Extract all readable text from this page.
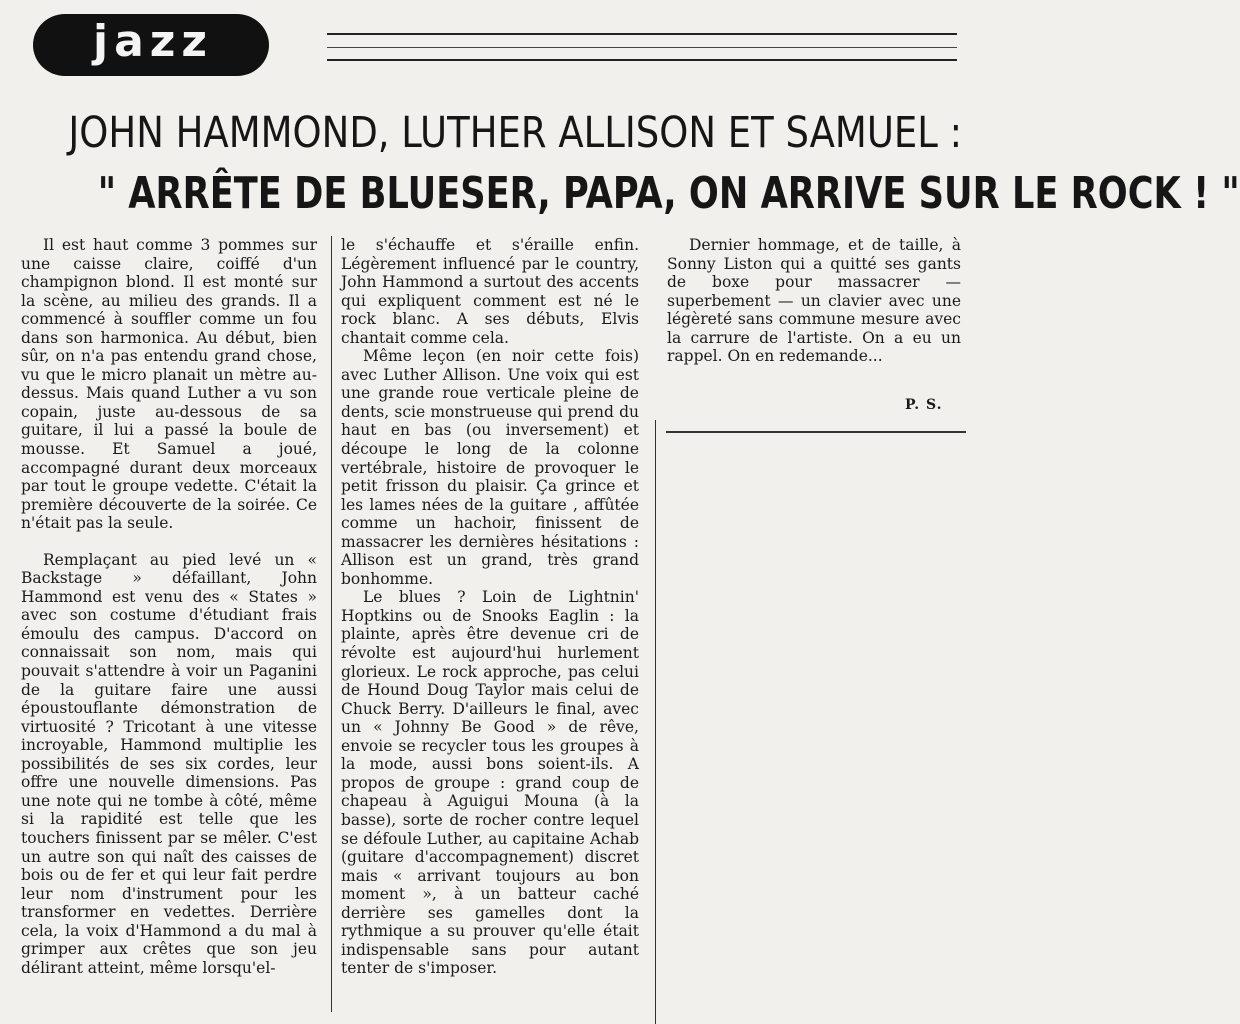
jazz
JOHN HAMMOND, LUTHER ALLISON ET SAMUEL :
" ARRÊTE DE BLUESER, PAPA, ON ARRIVE SUR LE ROCK ! "

Il est haut comme 3 pommes sur une caisse claire, coiffé d'un champignon blond. Il est monté sur la scène, au milieu des grands. Il a commencé à souffler comme un fou dans son harmonica. Au début, bien sûr, on n'a pas entendu grand chose, vu que le micro planait un mètre au-dessus. Mais quand Luther a vu son copain, juste au-dessous de sa guitare, il lui a passé la boule de mousse. Et Samuel a joué, accompagné durant deux morceaux par tout le groupe vedette. C'était la première découverte de la soirée. Ce n'était pas la seule.

Remplaçant au pied levé un « Backstage » défaillant, John Hammond est venu des « States » avec son costume d'étudiant frais émoulu des campus. D'accord on connaissait son nom, mais qui pouvait s'attendre à voir un Paganini de la guitare faire une aussi époustouflante démonstration de virtuosité ? Tricotant à une vitesse incroyable, Hammond multiplie les possibilités de ses six cordes, leur offre une nouvelle dimensions. Pas une note qui ne tombe à côté, même si la rapidité est telle que les touchers finissent par se mêler. C'est un autre son qui naît des caisses de bois ou de fer et qui leur fait perdre leur nom d'instrument pour les transformer en vedettes. Derrière cela, la voix d'Hammond a du mal à grimper aux crêtes que son jeu délirant atteint, même lorsqu'el-

le s'échauffe et s'éraille enfin. Légèrement influencé par le country, John Hammond a surtout des accents qui expliquent comment est né le rock blanc. A ses débuts, Elvis chantait comme cela.

Même leçon (en noir cette fois) avec Luther Allison. Une voix qui est une grande roue verticale pleine de dents, scie monstrueuse qui prend du haut en bas (ou inversement) et découpe le long de la colonne vertébrale, histoire de provoquer le petit frisson du plaisir. Ça grince et les lames nées de la guitare , affûtée comme un hachoir, finissent de massacrer les dernières hésitations : Allison est un grand, très grand bonhomme.

Le blues ? Loin de Lightnin' Hoptkins ou de Snooks Eaglin : la plainte, après être devenue cri de révolte est aujourd'hui hurlement glorieux. Le rock approche, pas celui de Hound Doug Taylor mais celui de Chuck Berry. D'ailleurs le final, avec un « Johnny Be Good » de rêve, envoie se recycler tous les groupes à la mode, aussi bons soient-ils. A propos de groupe : grand coup de chapeau à Aguigui Mouna (à la basse), sorte de rocher contre lequel se défoule Luther, au capitaine Achab (guitare d'accompagnement) discret mais « arrivant toujours au bon moment », à un batteur caché derrière ses gamelles dont la rythmique a su prouver qu'elle était indispensable sans pour autant tenter de s'imposer.

Dernier hommage, et de taille, à Sonny Liston qui a quitté ses gants de boxe pour massacrer — superbement — un clavier avec une légèreté sans commune mesure avec la carrure de l'artiste. On a eu un rappel. On en redemande...

P. S.
